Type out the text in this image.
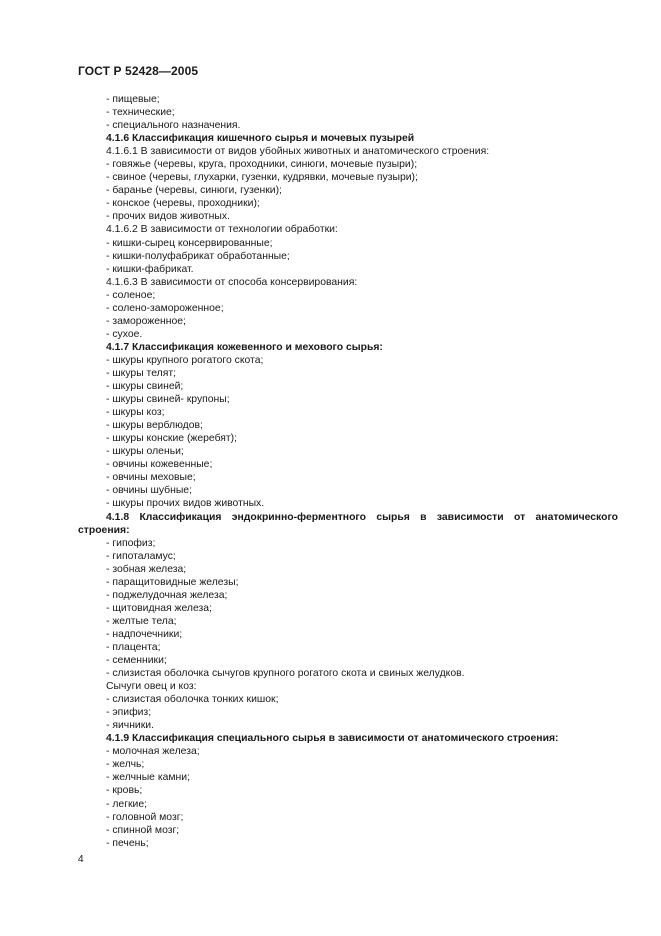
ГОСТ Р 52428—2005
- пищевые;
- технические;
- специального назначения.
4.1.6 Классификация кишечного сырья и мочевых пузырей
4.1.6.1 В зависимости от видов убойных животных и анатомического строения:
- говяжье (черевы, круга, проходники, синюги, мочевые пузыри);
- свиное (черевы, глухарки, гузенки, кудрявки, мочевые пузыри);
- баранье (черевы, синюги, гузенки);
- конское (черевы, проходники);
- прочих видов животных.
4.1.6.2 В зависимости от технологии обработки:
- кишки-сырец консервированные;
- кишки-полуфабрикат обработанные;
- кишки-фабрикат.
4.1.6.3 В зависимости от способа консервирования:
- соленое;
- солено-замороженное;
- замороженное;
- сухое.
4.1.7 Классификация кожевенного и мехового сырья:
- шкуры крупного рогатого скота;
- шкуры телят;
- шкуры свиней;
- шкуры свиней- крупоны;
- шкуры коз;
- шкуры верблюдов;
- шкуры конские (жеребят);
- шкуры оленьи;
- овчины кожевенные;
- овчины меховые;
- овчины шубные;
- шкуры прочих видов животных.
4.1.8 Классификация эндокринно-ферментного сырья в зависимости от анатомического
строения:
- гипофиз;
- гипоталамус;
- зобная железа;
- паращитовидные железы;
- поджелудочная железа;
- щитовидная железа;
- желтые тела;
- надпочечники;
- плацента;
- семенники;
- слизистая оболочка сычугов крупного рогатого скота и свиных желудков.
Сычуги овец и коз:
- слизистая оболочка тонких кишок;
- эпифиз;
- яичники.
4.1.9 Классификация специального сырья в зависимости от анатомического строения:
- молочная железа;
- желчь;
- желчные камни;
- кровь;
- легкие;
- головной мозг;
- спинной мозг;
- печень;
4
